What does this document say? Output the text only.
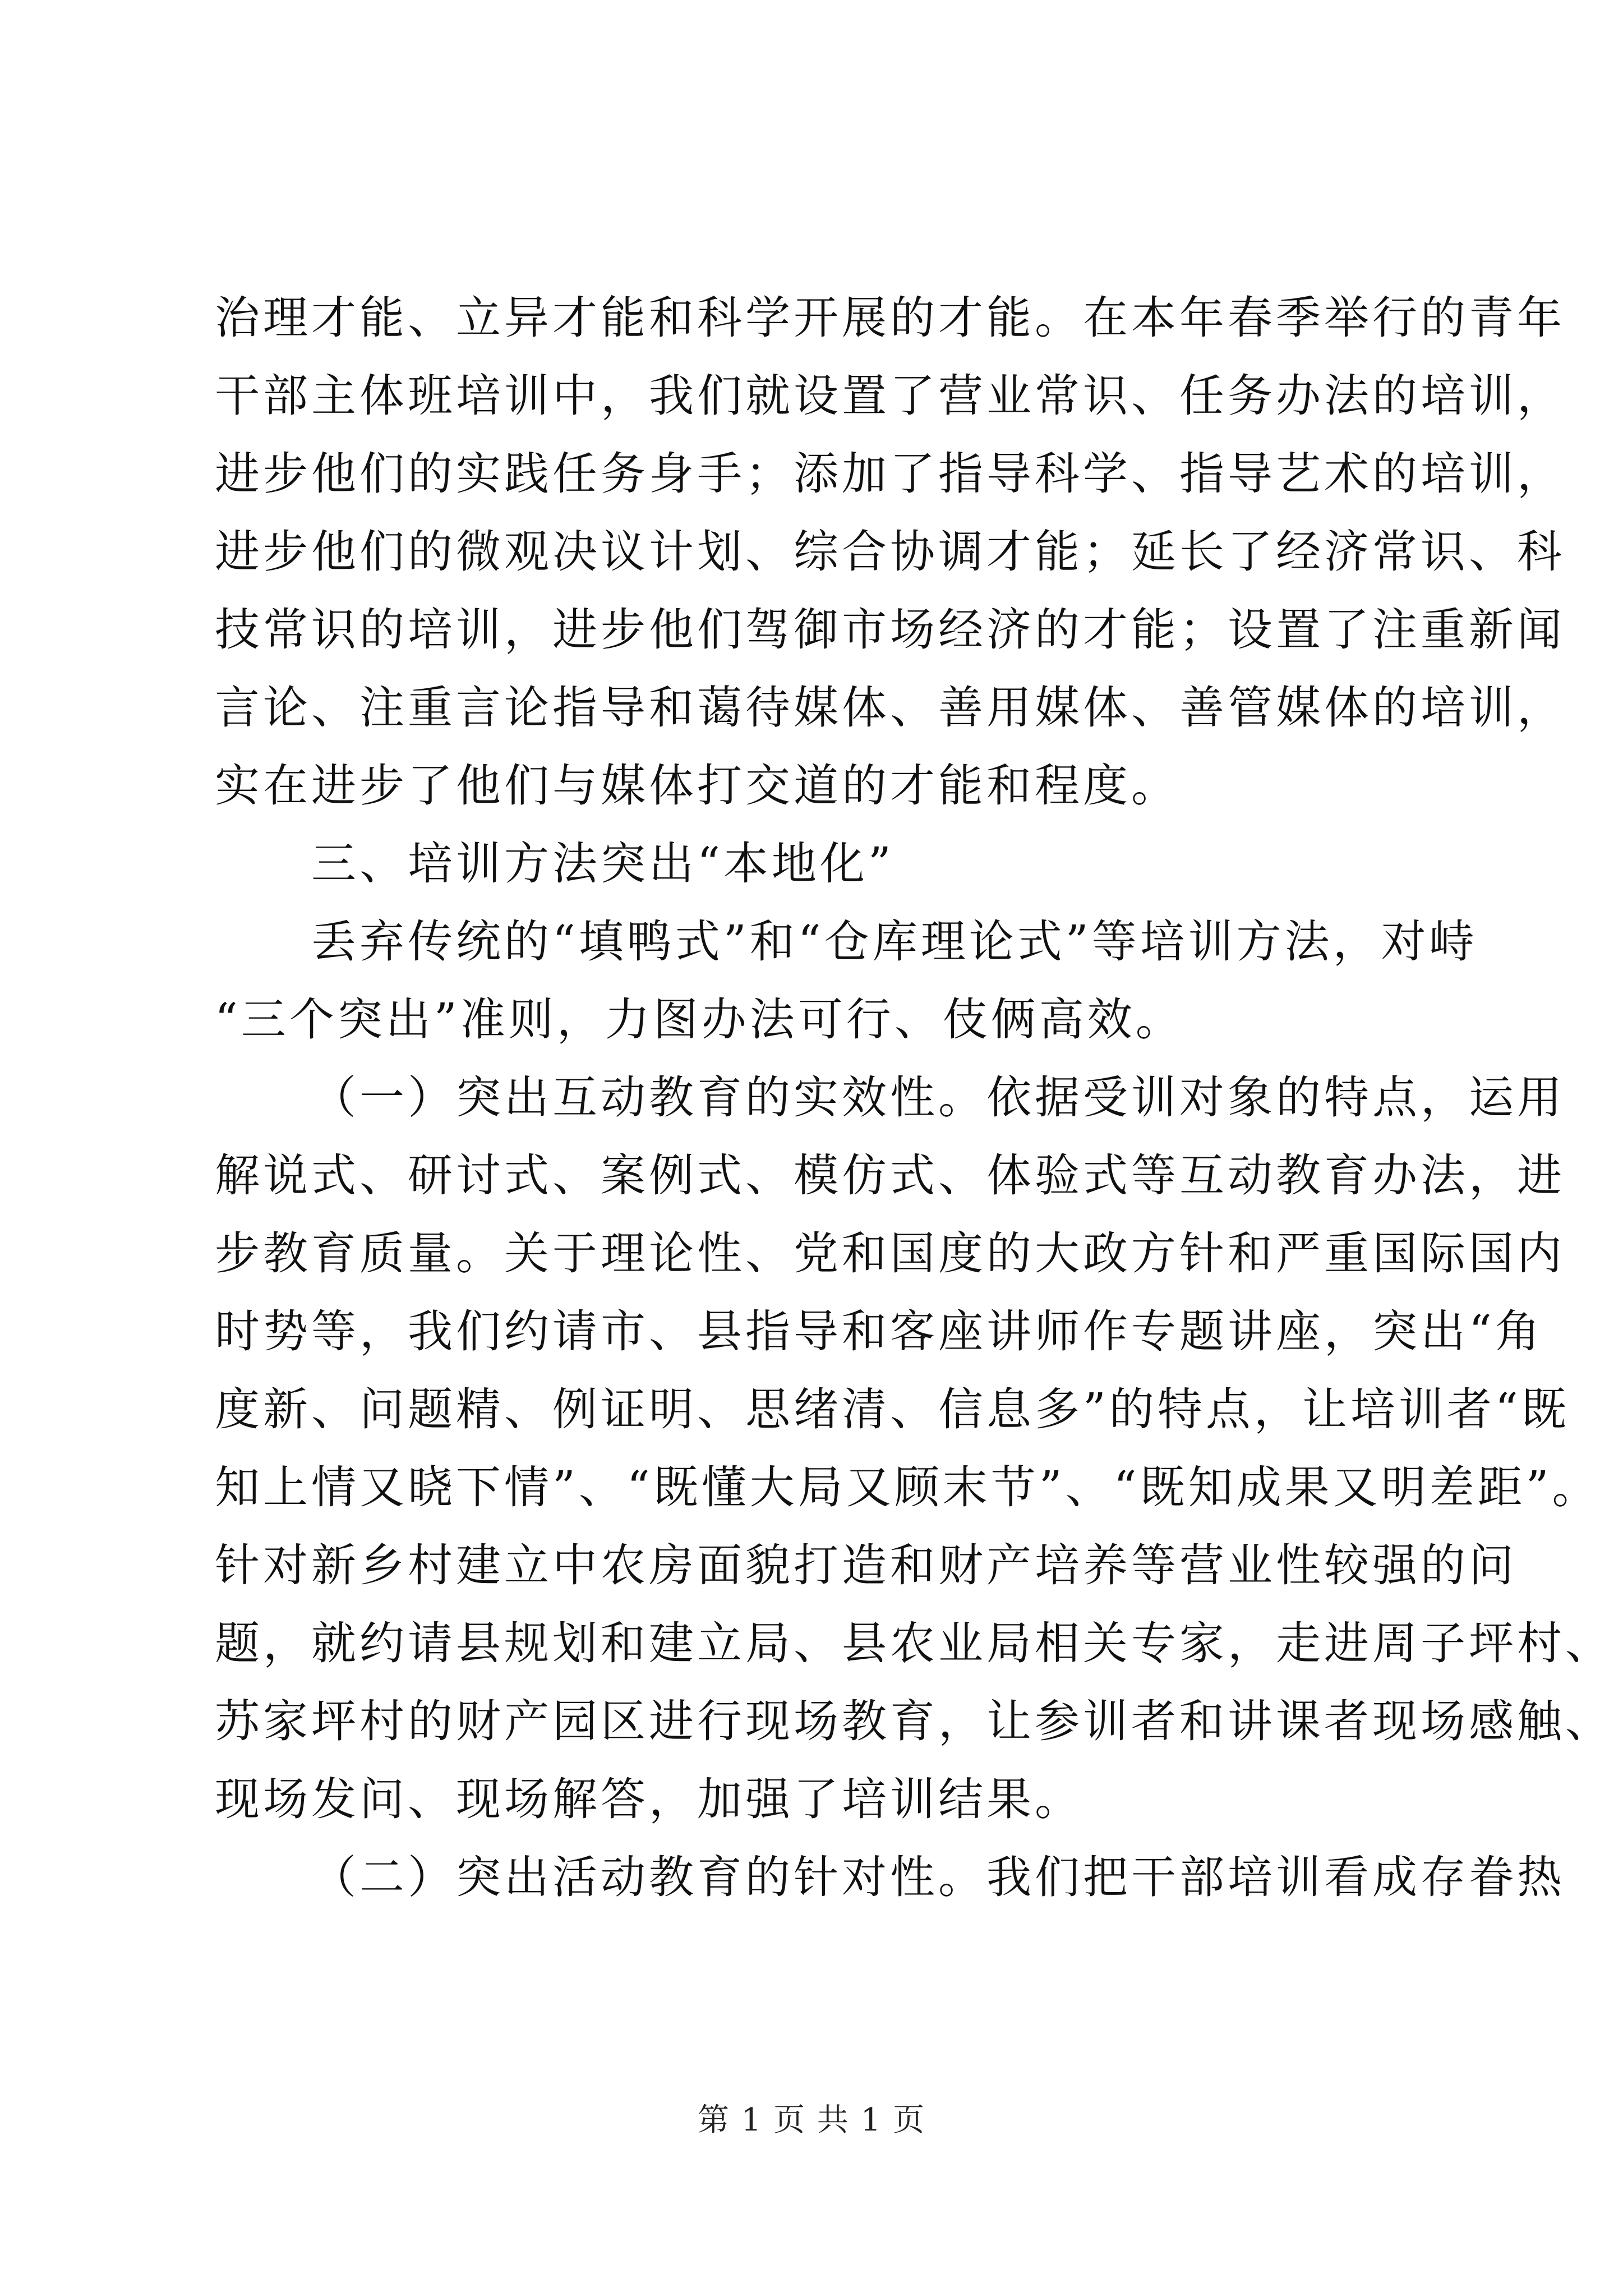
治理才能、立异才能和科学开展的才能。在本年春季举行的青年
干部主体班培训中，我们就设置了营业常识、任务办法的培训，
进步他们的实践任务身手；添加了指导科学、指导艺术的培训，
进步他们的微观决议计划、综合协调才能；延长了经济常识、科
技常识的培训，进步他们驾御市场经济的才能；设置了注重新闻
言论、注重言论指导和蔼待媒体、善用媒体、善管媒体的培训，
实在进步了他们与媒体打交道的才能和程度。
三、培训方法突出“本地化”
丢弃传统的“填鸭式”和“仓库理论式”等培训方法，对峙
“三个突出”准则，力图办法可行、伎俩高效。
（一）突出互动教育的实效性。依据受训对象的特点，运用
解说式、研讨式、案例式、模仿式、体验式等互动教育办法，进
步教育质量。关于理论性、党和国度的大政方针和严重国际国内
时势等，我们约请市、县指导和客座讲师作专题讲座，突出“角
度新、问题精、例证明、思绪清、信息多”的特点，让培训者“既
知上情又晓下情”、“既懂大局又顾末节”、“既知成果又明差距”。
针对新乡村建立中农房面貌打造和财产培养等营业性较强的问
题，就约请县规划和建立局、县农业局相关专家，走进周子坪村、
苏家坪村的财产园区进行现场教育，让参训者和讲课者现场感触、
现场发问、现场解答，加强了培训结果。
（二）突出活动教育的针对性。我们把干部培训看成存眷热
第 1 页 共 1 页
